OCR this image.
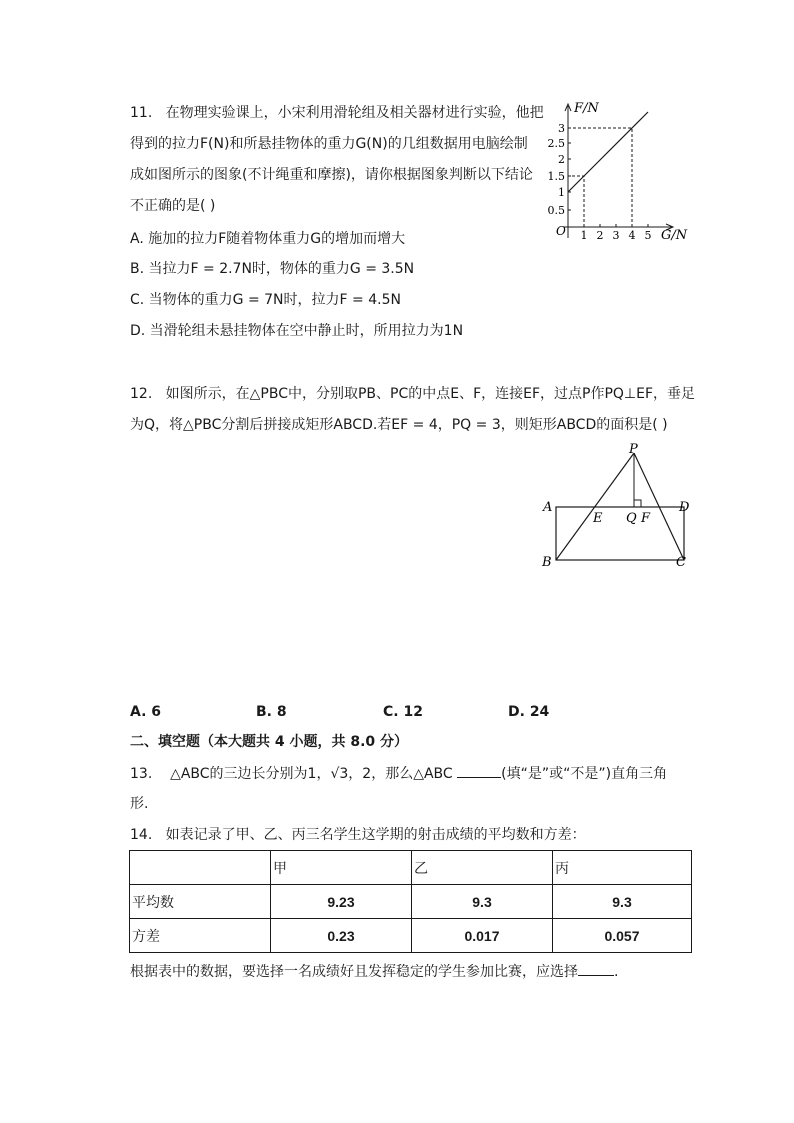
11. 在物理实验课上，小宋利用滑轮组及相关器材进行实验，他把
得到的拉力F(N)和所悬挂物体的重力G(N)的几组数据用电脑绘制
成如图所示的图象(不计绳重和摩擦)，请你根据图象判断以下结论
不正确的是( )
A. 施加的拉力F随着物体重力G的增加而增大
B. 当拉力F = 2.7N时，物体的重力G = 3.5N
C. 当物体的重力G = 7N时，拉力F = 4.5N
D. 当滑轮组未悬挂物体在空中静止时，所用拉力为1N
F/N
G/N
O
3
2.5
2
1.5
1
0.5
1 2 3 4 5
12. 如图所示，在△PBC中，分别取PB、PC的中点E、F，连接EF，过点P作PQ⊥EF，垂足
为Q，将△PBC分割后拼接成矩形ABCD.若EF = 4，PQ = 3，则矩形ABCD的面积是( )
P
A	D
E Q F
B	C
A. 6	B. 8	C. 12	D. 24
二、填空题（本大题共 4 小题，共 8.0 分）
13. △ABC的三边长分别为1，√3，2，那么△ABC	(填“是”或“不是”)直角三角
形.
14. 如表记录了甲、乙、丙三名学生这学期的射击成绩的平均数和方差：
	甲	乙	丙
平均数	9.23	9.3	9.3
方差	0.23	0.017	0.057
根据表中的数据，要选择一名成绩好且发挥稳定的学生参加比赛，应选择	.
